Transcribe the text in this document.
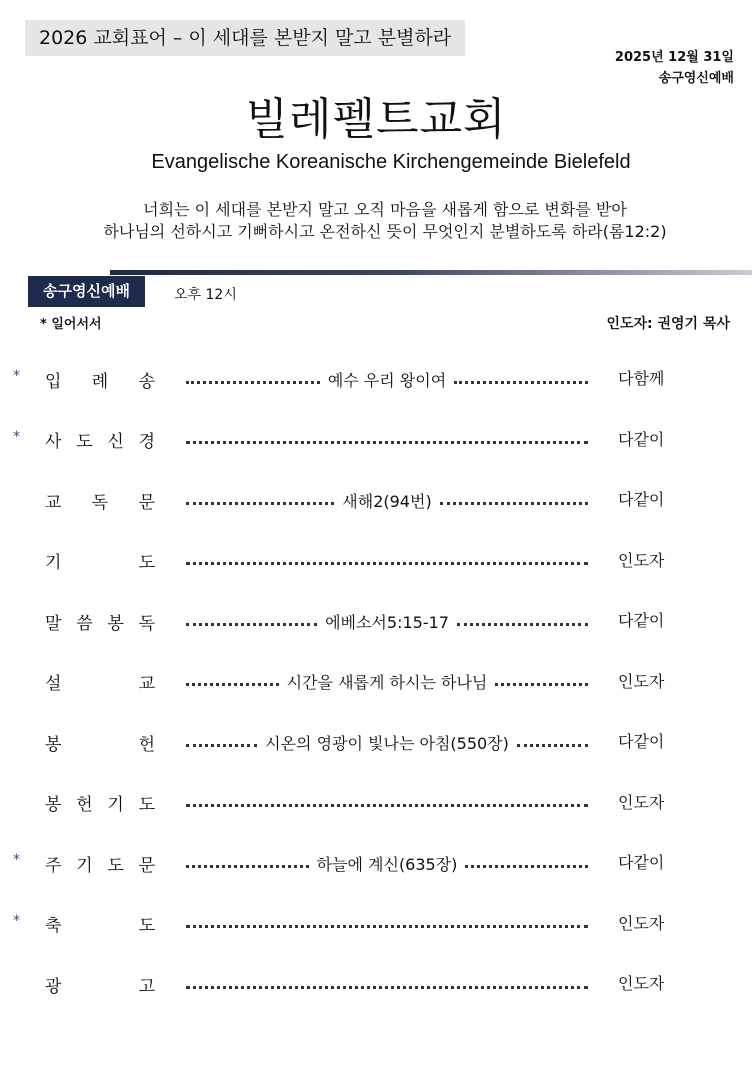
2026 교회표어 – 이 세대를 본받지 말고 분별하라
2025년 12월 31일
송구영신예배
빌레펠트교회
Evangelische Koreanische Kirchengemeinde Bielefeld
너희는 이 세대를 본받지 말고 오직 마음을 새롭게 함으로 변화를 받아
하나님의 선하시고 기뻐하시고 온전하신 뜻이 무엇인지 분별하도록 하라(롬12:2)
송구영신예배	오후 12시
* 일어서서	인도자: 권영기 목사
* 입 례 송	예수 우리 왕이여	다함께
* 사 도 신 경	다같이
교 독 문	새해2(94번)	다같이
기	도	인도자
말 씀 봉 독	에베소서5:15-17	다같이
설	교	시간을 새롭게 하시는 하나님	인도자
봉	헌	시온의 영광이 빛나는 아침(550장)	다같이
봉 헌 기 도	인도자
* 주 기 도 문	하늘에 계신(635장)	다같이
* 축	도	인도자
광	고	인도자
